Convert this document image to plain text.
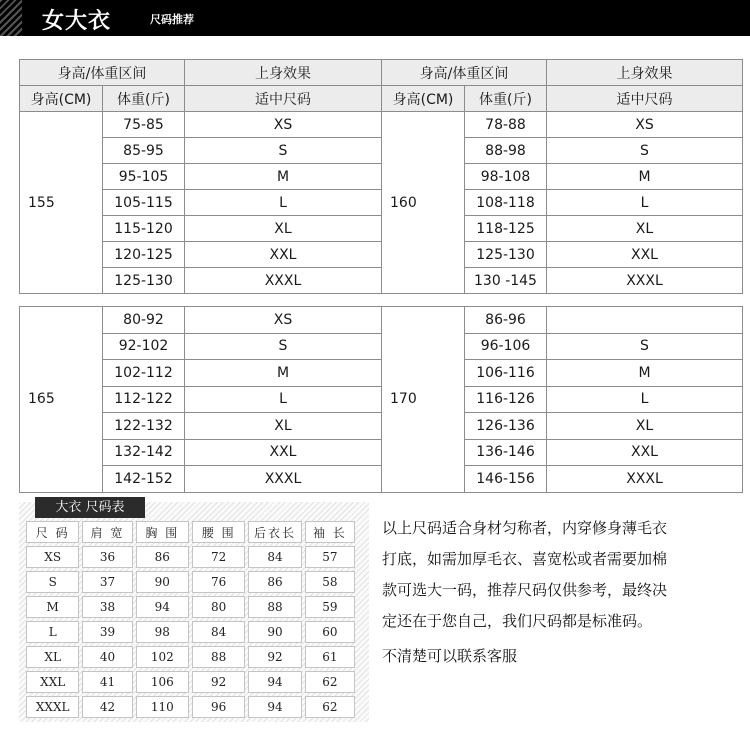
女大衣	尺码推荐
身高/体重区间		上身效果	身高/体重区间		上身效果
身高(CM)	体重(斤)	适中尺码	身高(CM)	体重(斤)	适中尺码
155	75-85	XS	160	78-88	XS
	85-95	S		88-98	S
	95-105	M		98-108	M
	105-115	L		108-118	L
	115-120	XL		118-125	XL
	120-125	XXL		125-130	XXL
	125-130	XXXL		130 -145	XXXL
165	80-92	XS	170	86-96	
	92-102	S		96-106	S
	102-112	M		106-116	M
	112-122	L		116-126	L
	122-132	XL		126-136	XL
	132-142	XXL		136-146	XXL
	142-152	XXXL		146-156	XXXL
大衣 尺码表
尺 码	肩 宽	胸 围	腰 围	后衣长	袖 长
XS	36	86	72	84	57
S	37	90	76	86	58
M	38	94	80	88	59
L	39	98	84	90	60
XL	40	102	88	92	61
XXL	41	106	92	94	62
XXXL	42	110	96	94	62

以上尺码适合身材匀称者，内穿修身薄毛衣

打底，如需加厚毛衣、喜宽松或者需要加棉

款可选大一码，推荐尺码仅供参考，最终决

定还在于您自己，我们尺码都是标准码。

不清楚可以联系客服
